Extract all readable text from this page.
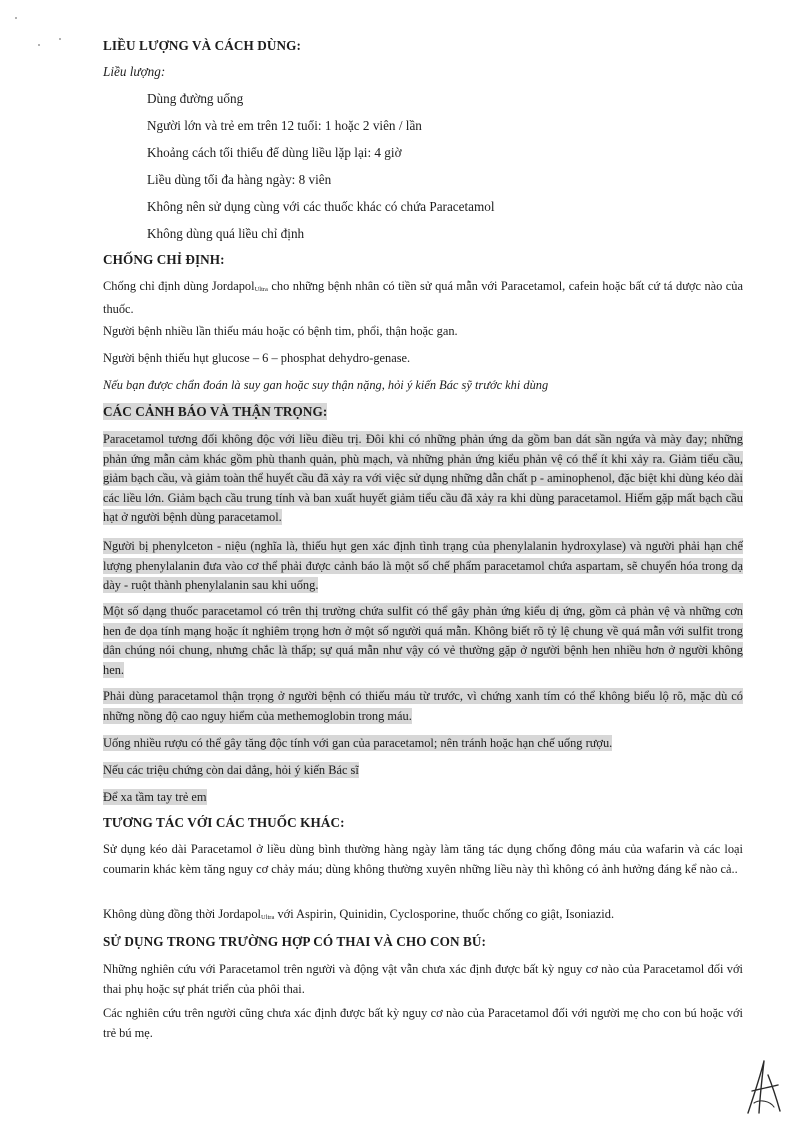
LIỀU LƯỢNG VÀ CÁCH DÙNG:

Liều lượng:

Dùng đường uống

Người lớn và trẻ em trên 12 tuổi: 1 hoặc 2 viên / lần

Khoảng cách tối thiểu để dùng liều lặp lại: 4 giờ

Liều dùng tối đa hàng ngày: 8 viên

Không nên sử dụng cùng với các thuốc khác có chứa Paracetamol

Không dùng quá liều chỉ định

CHỐNG CHỈ ĐỊNH:

Chống chỉ định dùng JordapolUltra cho những bệnh nhân có tiền sử quá mẫn với Paracetamol, cafein hoặc bất cứ tá dược nào của thuốc.

Người bệnh nhiều lần thiếu máu hoặc có bệnh tim, phổi, thận hoặc gan.

Người bệnh thiếu hụt glucose – 6 – phosphat dehydro-genase.

Nếu bạn được chẩn đoán là suy gan hoặc suy thận nặng, hỏi ý kiến Bác sỹ trước khi dùng

CÁC CẢNH BÁO VÀ THẬN TRỌNG:

Paracetamol tương đối không độc với liều điều trị. Đôi khi có những phản ứng da gồm ban dát sần ngứa và mày đay; những phản ứng mẫn cảm khác gồm phù thanh quản, phù mạch, và những phản ứng kiểu phản vệ có thể ít khi xảy ra. Giảm tiểu cầu, giảm bạch cầu, và giảm toàn thể huyết cầu đã xảy ra với việc sử dụng những dẫn chất p - aminophenol, đặc biệt khi dùng kéo dài các liều lớn. Giảm bạch cầu trung tính và ban xuất huyết giảm tiểu cầu đã xảy ra khi dùng paracetamol. Hiếm gặp mất bạch cầu hạt ở người bệnh dùng paracetamol.

Người bị phenylceton - niệu (nghĩa là, thiếu hụt gen xác định tình trạng của phenylalanin hydroxylase) và người phải hạn chế lượng phenylalanin đưa vào cơ thể phải được cảnh báo là một số chế phẩm paracetamol chứa aspartam, sẽ chuyển hóa trong dạ dày - ruột thành phenylalanin sau khi uống.

Một số dạng thuốc paracetamol có trên thị trường chứa sulfit có thể gây phản ứng kiểu dị ứng, gồm cả phản vệ và những cơn hen đe dọa tính mạng hoặc ít nghiêm trọng hơn ở một số người quá mẫn. Không biết rõ tỷ lệ chung về quá mẫn với sulfit trong dân chúng nói chung, nhưng chắc là thấp; sự quá mẫn như vậy có vẻ thường gặp ở người bệnh hen nhiều hơn ở người không hen.

Phải dùng paracetamol thận trọng ở người bệnh có thiếu máu từ trước, vì chứng xanh tím có thể không biểu lộ rõ, mặc dù có những nồng độ cao nguy hiểm của methemoglobin trong máu.

Uống nhiều rượu có thể gây tăng độc tính với gan của paracetamol; nên tránh hoặc hạn chế uống rượu.

Nếu các triệu chứng còn dai dẳng, hỏi ý kiến Bác sĩ

Để xa tầm tay trẻ em

TƯƠNG TÁC VỚI CÁC THUỐC KHÁC:

Sử dụng kéo dài Paracetamol ở liều dùng bình thường hàng ngày làm tăng tác dụng chống đông máu của wafarin và các loại coumarin khác kèm tăng nguy cơ chảy máu; dùng không thường xuyên những liều này thì không có ảnh hưởng đáng kể nào cả..

Không dùng đồng thời JordapolUltra với Aspirin, Quinidin, Cyclosporine, thuốc chống co giật, Isoniazid.

SỬ DỤNG TRONG TRƯỜNG HỢP CÓ THAI VÀ CHO CON BÚ:

Những nghiên cứu với Paracetamol trên người và động vật vẫn chưa xác định được bất kỳ nguy cơ nào của Paracetamol đối với thai phụ hoặc sự phát triển của phôi thai.

Các nghiên cứu trên người cũng chưa xác định được bất kỳ nguy cơ nào của Paracetamol đối với người mẹ cho con bú hoặc với trẻ bú mẹ.
